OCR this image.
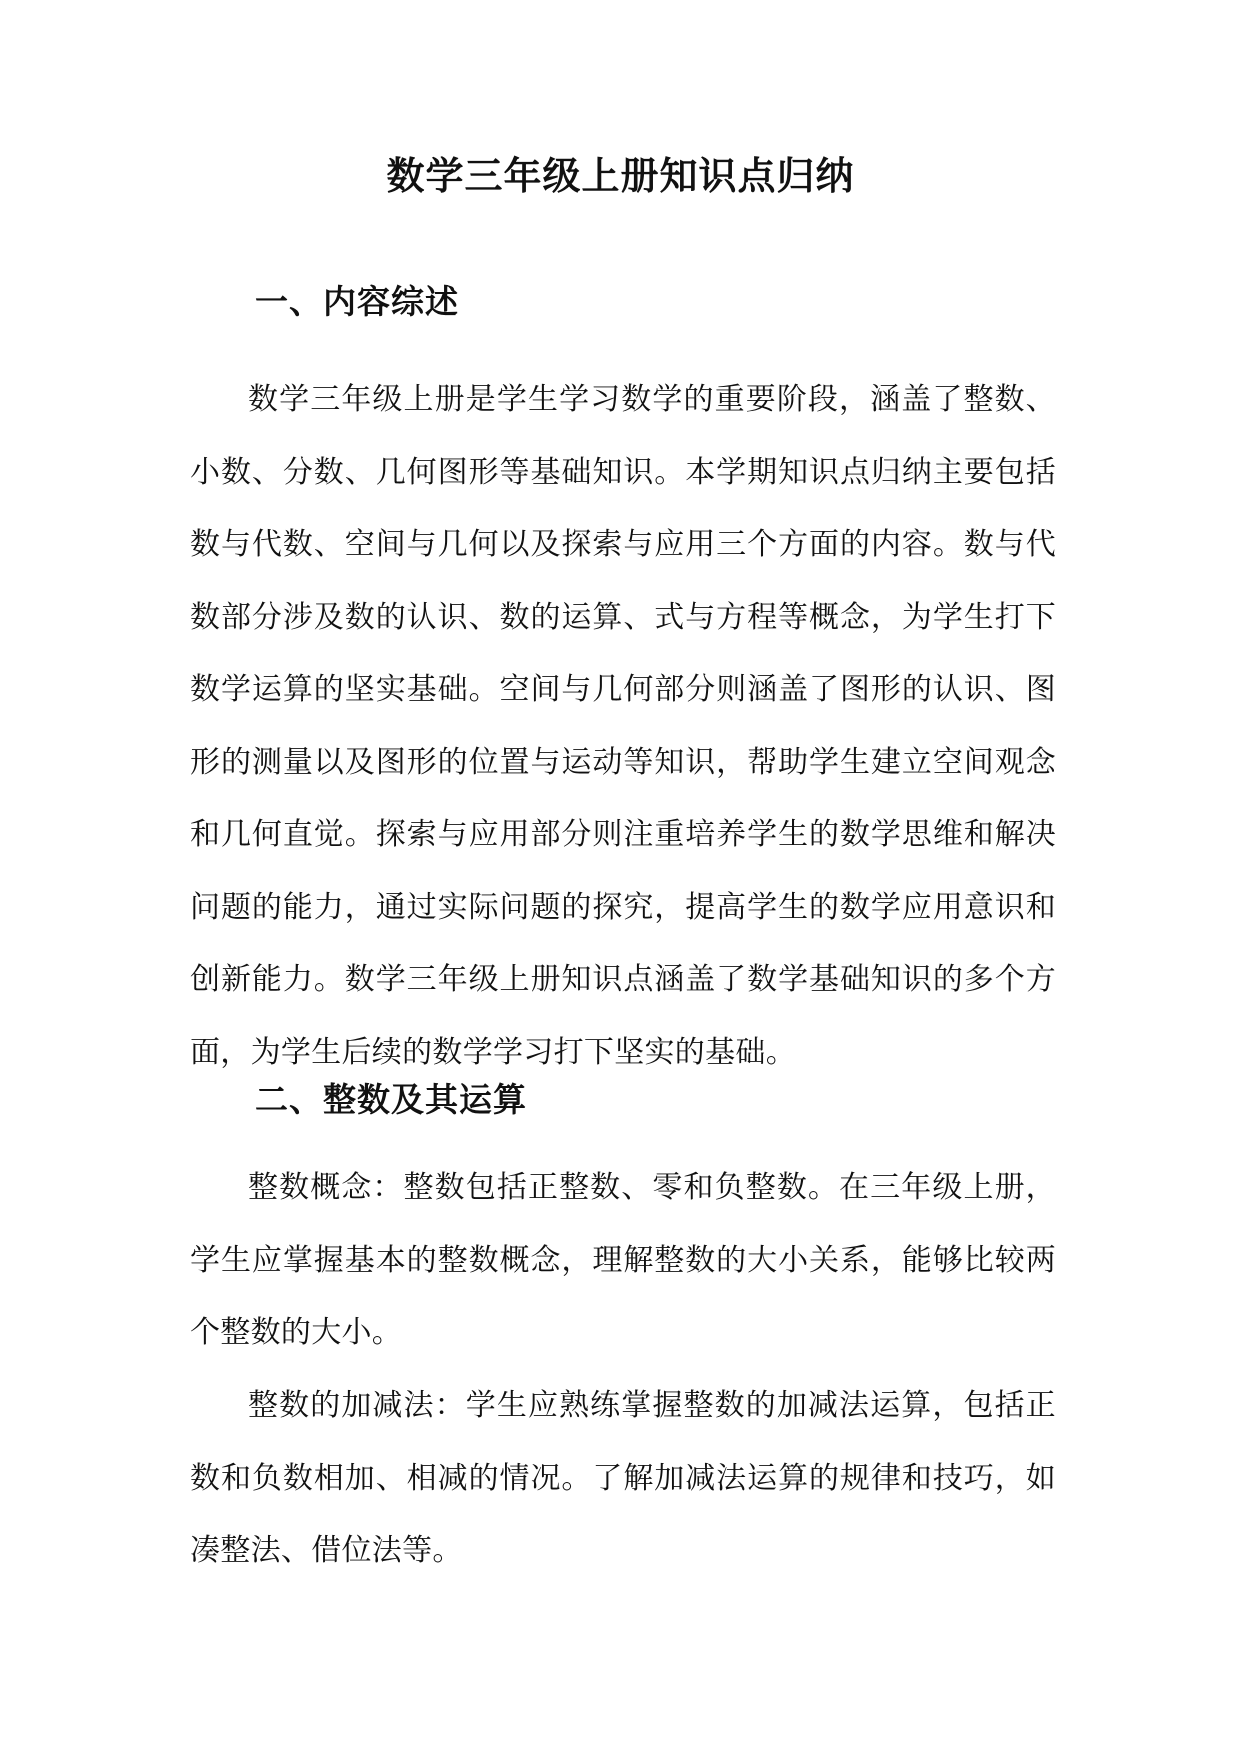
数学三年级上册知识点归纳
一、内容综述

数学三年级上册是学生学习数学的重要阶段，涵盖了整数、小数、分数、几何图形等基础知识。本学期知识点归纳主要包括数与代数、空间与几何以及探索与应用三个方面的内容。数与代数部分涉及数的认识、数的运算、式与方程等概念，为学生打下数学运算的坚实基础。空间与几何部分则涵盖了图形的认识、图形的测量以及图形的位置与运动等知识，帮助学生建立空间观念和几何直觉。探索与应用部分则注重培养学生的数学思维和解决问题的能力，通过实际问题的探究，提高学生的数学应用意识和创新能力。数学三年级上册知识点涵盖了数学基础知识的多个方面，为学生后续的数学学习打下坚实的基础。

二、整数及其运算

整数概念：整数包括正整数、零和负整数。在三年级上册，学生应掌握基本的整数概念，理解整数的大小关系，能够比较两个整数的大小。

整数的加减法：学生应熟练掌握整数的加减法运算，包括正数和负数相加、相减的情况。了解加减法运算的规律和技巧，如凑整法、借位法等。
